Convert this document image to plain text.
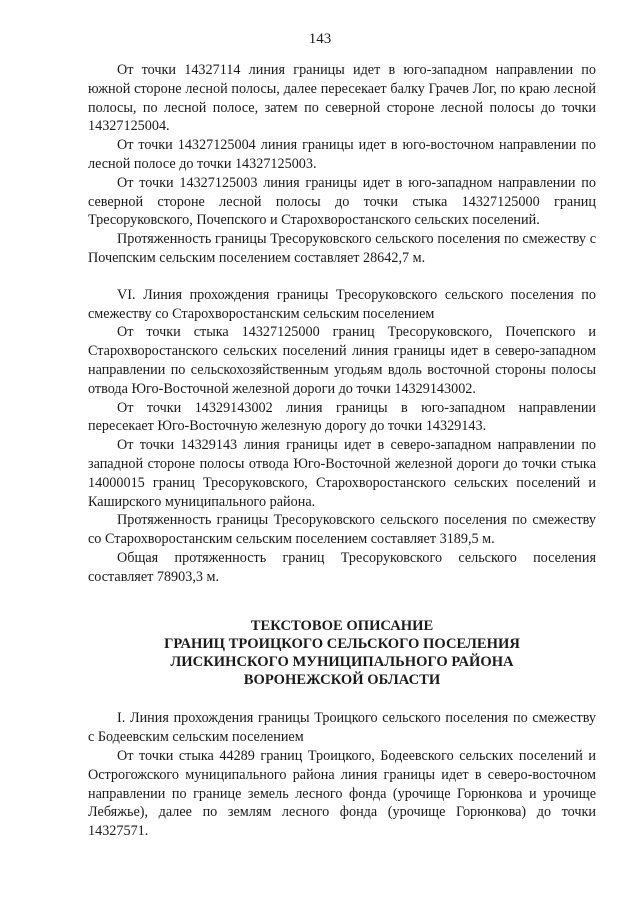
143

От точки 14327114 линия границы идет в юго-западном направлении по южной стороне лесной полосы, далее пересекает балку Грачев Лог, по краю лесной полосы, по лесной полосе, затем по северной стороне лесной полосы до точки 14327125004.

От точки 14327125004 линия границы идет в юго-восточном направлении по лесной полосе до точки 14327125003.

От точки 14327125003 линия границы идет в юго-западном направлении по северной стороне лесной полосы до точки стыка 14327125000 границ Тресоруковского, Почепского и Старохворостанского сельских поселений.

Протяженность границы Тресоруковского сельского поселения по смежеству с Почепским сельским поселением составляет 28642,7 м.

VI. Линия прохождения границы Тресоруковского сельского поселения по смежеству со Старохворостанским сельским поселением

От точки стыка 14327125000 границ Тресоруковского, Почепского и Старохворостанского сельских поселений линия границы идет в северо-западном направлении по сельскохозяйственным угодьям вдоль восточной стороны полосы отвода Юго-Восточной железной дороги до точки 14329143002.

От точки 14329143002 линия границы в юго-западном направлении пересекает Юго-Восточную железную дорогу до точки 14329143.

От точки 14329143 линия границы идет в северо-западном направлении по западной стороне полосы отвода Юго-Восточной железной дороги до точки стыка 14000015 границ Тресоруковского, Старохворостанского сельских поселений и Каширского муниципального района.

Протяженность границы Тресоруковского сельского поселения по смежеству со Старохворостанским сельским поселением составляет 3189,5 м.

Общая протяженность границ Тресоруковского сельского поселения составляет 78903,3 м.

ТЕКСТОВОЕ ОПИСАНИЕ
ГРАНИЦ ТРОИЦКОГО СЕЛЬСКОГО ПОСЕЛЕНИЯ
ЛИСКИНСКОГО МУНИЦИПАЛЬНОГО РАЙОНА
ВОРОНЕЖСКОЙ ОБЛАСТИ

I. Линия прохождения границы Троицкого сельского поселения по смежеству с Бодеевским сельским поселением

От точки стыка 44289 границ Троицкого, Бодеевского сельских поселений и Острогожского муниципального района линия границы идет в северо-восточном направлении по границе земель лесного фонда (урочище Горюнкова и урочище Лебяжье), далее по землям лесного фонда (урочище Горюнкова) до точки 14327571.
